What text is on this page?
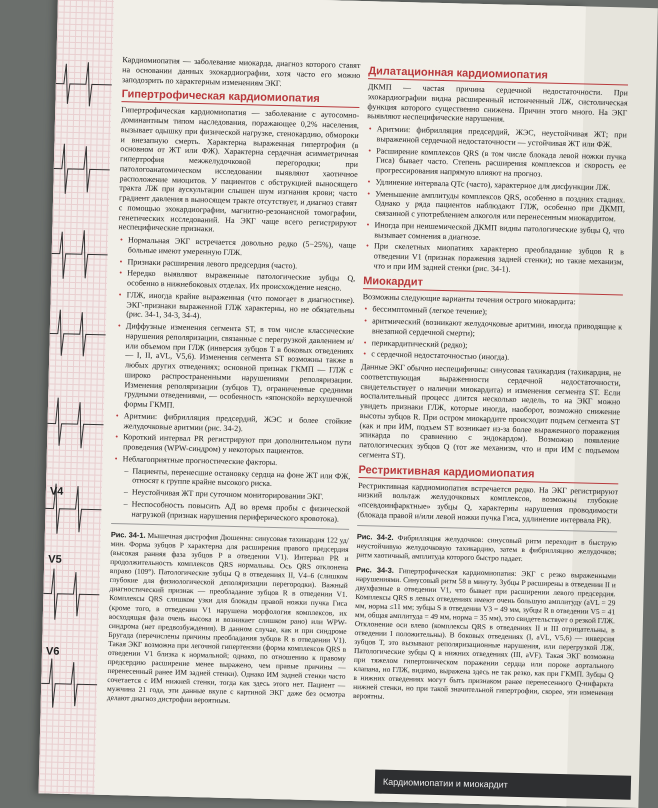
V4
V5
V6

Кардиомиопатия — заболевание миокарда, диагноз которого ставят на основании данных эхокардиографии, хотя часто его можно заподозрить по характерным изменениям ЭКГ.

Гипертрофическая кардиомиопатия

Гипертрофическая кардиомиопатия — заболевание с аутосомно-доминантным типом наследования, поражающее 0,2% населения, вызывает одышку при физической нагрузке, стенокардию, обмороки и внезапную смерть. Характерна выраженная гипертрофия (в основном от ЖТ или ФЖ). Характерна сердечная асимметричная гипертрофия межжелудочковой перегородки; при патологоанатомическом исследовании выявляют хаотичное расположение миоцитов. У пациентов с обструкцией выносящего тракта ЛЖ при аускультации слышен шум изгнания крови; часто градиент давления в выносящем тракте отсутствует, и диагноз ставят с помощью эхокардиографии, магнитно-резонансной томографии, генетических исследований. На ЭКГ чаще всего регистрируют неспецифические признаки.

• Нормальная ЭКГ встречается довольно редко (5−25%), чаще больные имеют умеренную ГЛЖ.
• Признаки расширения левого предсердия (часто).
• Нередко выявляют выраженные патологические зубцы Q, особенно в нижнебоковых отделах. Их происхождение неясно.
• ГЛЖ, иногда крайне выраженная (что помогает в диагностике). ЭКГ-признаки выраженной ГЛЖ характерны, но не обязательны (рис. 34-1, 34-3, 34-4).
• Диффузные изменения сегмента ST, в том числе классические нарушения реполяризации, связанные с перегрузкой давлением и/или объемом при ГЛЖ (инверсия зубцов T в боковых отведениях — I, II, aVL, V5,6). Изменения сегмента ST возможны также в любых других отведениях; основной признак ГКМП — ГЛЖ с широко распространенными нарушениями реполяризации. Изменения реполяризации (зубцов T), ограниченные средними грудными отведениями, — особенность «японской» верхушечной формы ГКМП.
• Аритмии: фибрилляция предсердий, ЖЭС и более стойкие желудочковые аритмии (рис. 34-2).
• Короткий интервал PR регистрируют при дополнительном пути проведения (WPW-синдром) у некоторых пациентов.
• Неблагоприятные прогностические факторы.
– Пациенты, перенесшие остановку сердца на фоне ЖТ или ФЖ, относят к группе крайне высокого риска.
– Неустойчивая ЖТ при суточном мониторировании ЭКГ.
– Неспособность повысить АД во время пробы с физической нагрузкой (признак нарушения периферического кровотока).
Рис. 34-1. Мышечная дистрофия Дюшенна: синусовая тахикардия 122 уд/мин. Форма зубцов P характерна для расширения правого предсердия (высокая ранняя фаза зубцов P в отведении V1). Интервал PR и продолжительность комплексов QRS нормальны. Ось QRS отклонена вправо (109°). Патологические зубцы Q в отведениях II, V4–6 (слишком глубокие для физиологической деполяризации перегородки). Важный диагностический признак — преобладание зубцов R в отведении V1. Комплексы QRS слишком узки для блокады правой ножки пучка Гиса (кроме того, в отведении V1 нарушена морфология комплексов, их восходящая фаза очень высока и возникает слишком рано) или WPW-синдрома (нет предвозбуждения). В данном случае, как и при синдроме Бругада (перечислены причины преобладания зубцов R в отведении V1). Такая ЭКГ возможна при легочной гипертензии (форма комплексов QRS в отведении V1 близка к нормальной; однако, по отношению к правому предсердию расширение менее выражено, чем правые причины — перенесенный ранее ИМ задней стенки). Однако ИМ задней стенки часто сочетается с ИМ нижней стенки, тогда как здесь этого нет. Пациент — мужчина 21 года, эти данные вкупе с картиной ЭКГ даже без осмотра делают диагноз дистрофии вероятным.
Дилатационная кардиомиопатия

ДКМП — частая причина сердечной недостаточности. При эхокардиографии видна расширенный истонченный ЛЖ, систолическая функция которого существенно снижена. Причин этого много. На ЭКГ выявляют неспецифические нарушения.

• Аритмии: фибрилляция предсердий, ЖЭС, неустойчивая ЖТ; при выраженной сердечной недостаточности — устойчивая ЖТ или ФЖ.
• Расширение комплексов QRS (в том числе блокада левой ножки пучка Гиса) бывает часто. Степень расширения комплексов и скорость ее прогрессирования напрямую влияют на прогноз.
• Удлинение интервала QTc (часто), характерное для дисфункции ЛЖ.
• Уменьшение амплитуды комплексов QRS, особенно в поздних стадиях. Однако у ряда пациентов наблюдают ГЛЖ, особенно при ДКМП, связанной с употреблением алкоголя или перенесенным миокардитом.
• Иногда при неишемической ДКМП видны патологические зубцы Q, что вызывает сомнения в диагнозе.
• При скелетных миопатиях характерно преобладание зубцов R в отведении V1 (признак поражения задней стенки); но такие механизм, что и при ИМ задней стенки (рис. 34-1).
Миокардит

Возможны следующие варианты течения острого миокардита:

• бессимптомный (легкое течение);
• аритмический (возникают желудочковые аритмии, иногда приводящие к внезапной сердечной смерти);
• перикардитический (редко);
• с сердечной недостаточностью (иногда).

Данные ЭКГ обычно неспецифичны: синусовая тахикардия (тахикардия, не соответствующая выраженности сердечной недостаточности, свидетельствует о наличии миокардита) и изменения сегмента ST. Если воспалительный процесс длится несколько недель, то на ЭКГ можно увидеть признаки ГЛЖ, которые иногда, наоборот, возможно снижение высоты зубцов R. При остром миокардите происходит подъем сегмента ST (как и при ИМ, подъем ST возникает из-за более выраженного поражения эпикарда по сравнению с эндокардом). Возможно появление патологических зубцов Q (тот же механизм, что и при ИМ с подъемом сегмента ST).

Рестриктивная кардиомиопатия

Рестриктивная кардиомиопатия встречается редко. На ЭКГ регистрируют низкий вольтаж желудочковых комплексов, возможны глубокие «псевдоинфарктные» зубцы Q, характерны нарушения проводимости (блокада правой и/или левой ножки пучка Гиса, удлинение интервала PR).

Рис. 34-2. Фибрилляция желудочков: синусовый ритм переходит в быструю неустойчивую желудочковую тахикардию, затем в фибрилляцию желудочков; ритм хаотичный, амплитуда которого быстро падает.
Рис. 34-3. Гипертрофическая кардиомиопатия: ЭКГ с резко выраженными нарушениями. Синусовый ритм 58 в минуту. Зубцы P расширены в отведении II и двухфазные в отведении V1, что бывает при расширении левого предсердия. Комплексы QRS в левых отведениях имеют очень большую амплитуду (aVL = 29 мм, норма ≤11 мм; зубцы S в отведении V3 = 49 мм, зубцы R в отведении V5 = 41 мм, общая амплитуда = 49 мм, норма = 35 мм), это свидетельствует о резкой ГЛЖ. Отклонение оси влево (комплексы QRS в отведениях II и III отрицательны, в отведении I положительны). В боковых отведениях (I, aVL, V5,6) — инверсия зубцов T, это вызывают реполяризационные нарушения, или перегрузкой ЛЖ. Патологические зубцы Q в нижних отведениях (III, aVF). Такая ЭКГ возможна при тяжелом гипертоническом поражении сердца или пороке аортального клапана, но ГЛЖ, видимо, выражена здесь не так резко, как при ГКМП. Зубцы Q в нижних отведениях могут быть признаком ранее перенесенного Q-инфаркта нижней стенки, но при такой значительной гипертрофии, скорее, эти изменения вероятны.
Кардиомиопатии и миокардит
